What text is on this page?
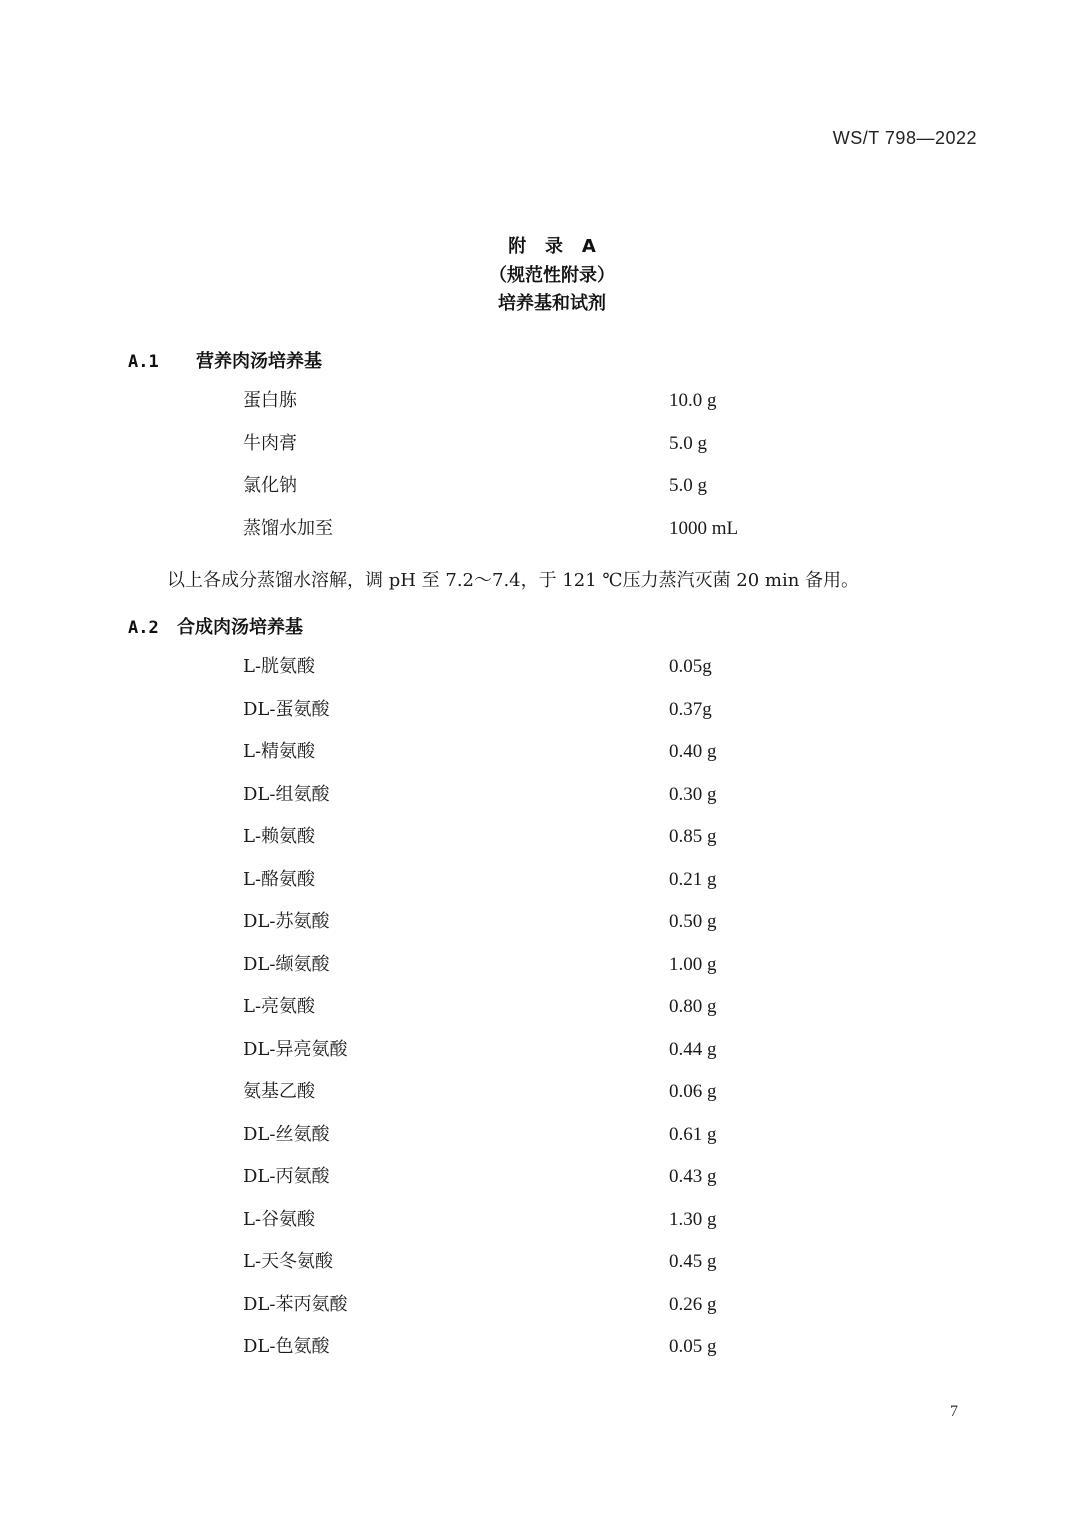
WS/T 798—2022
附   录   A
（规范性附录）
培养基和试剂
A.1	营养肉汤培养基
蛋白胨	10.0 g
牛肉膏	5.0 g
氯化钠	5.0 g
蒸馏水加至	1000 mL
以上各成分蒸馏水溶解，调 pH 至 7.2～7.4，于 121 ℃压力蒸汽灭菌 20 min 备用。
A.2	合成肉汤培养基
L-胱氨酸	0.05g
DL-蛋氨酸	0.37g
L-精氨酸	0.40 g
DL-组氨酸	0.30 g
L-赖氨酸	0.85 g
L-酪氨酸	0.21 g
DL-苏氨酸	0.50 g
DL-缬氨酸	1.00 g
L-亮氨酸	0.80 g
DL-异亮氨酸	0.44 g
氨基乙酸	0.06 g
DL-丝氨酸	0.61 g
DL-丙氨酸	0.43 g
L-谷氨酸	1.30 g
L-天冬氨酸	0.45 g
DL-苯丙氨酸	0.26 g
DL-色氨酸	0.05 g
7
